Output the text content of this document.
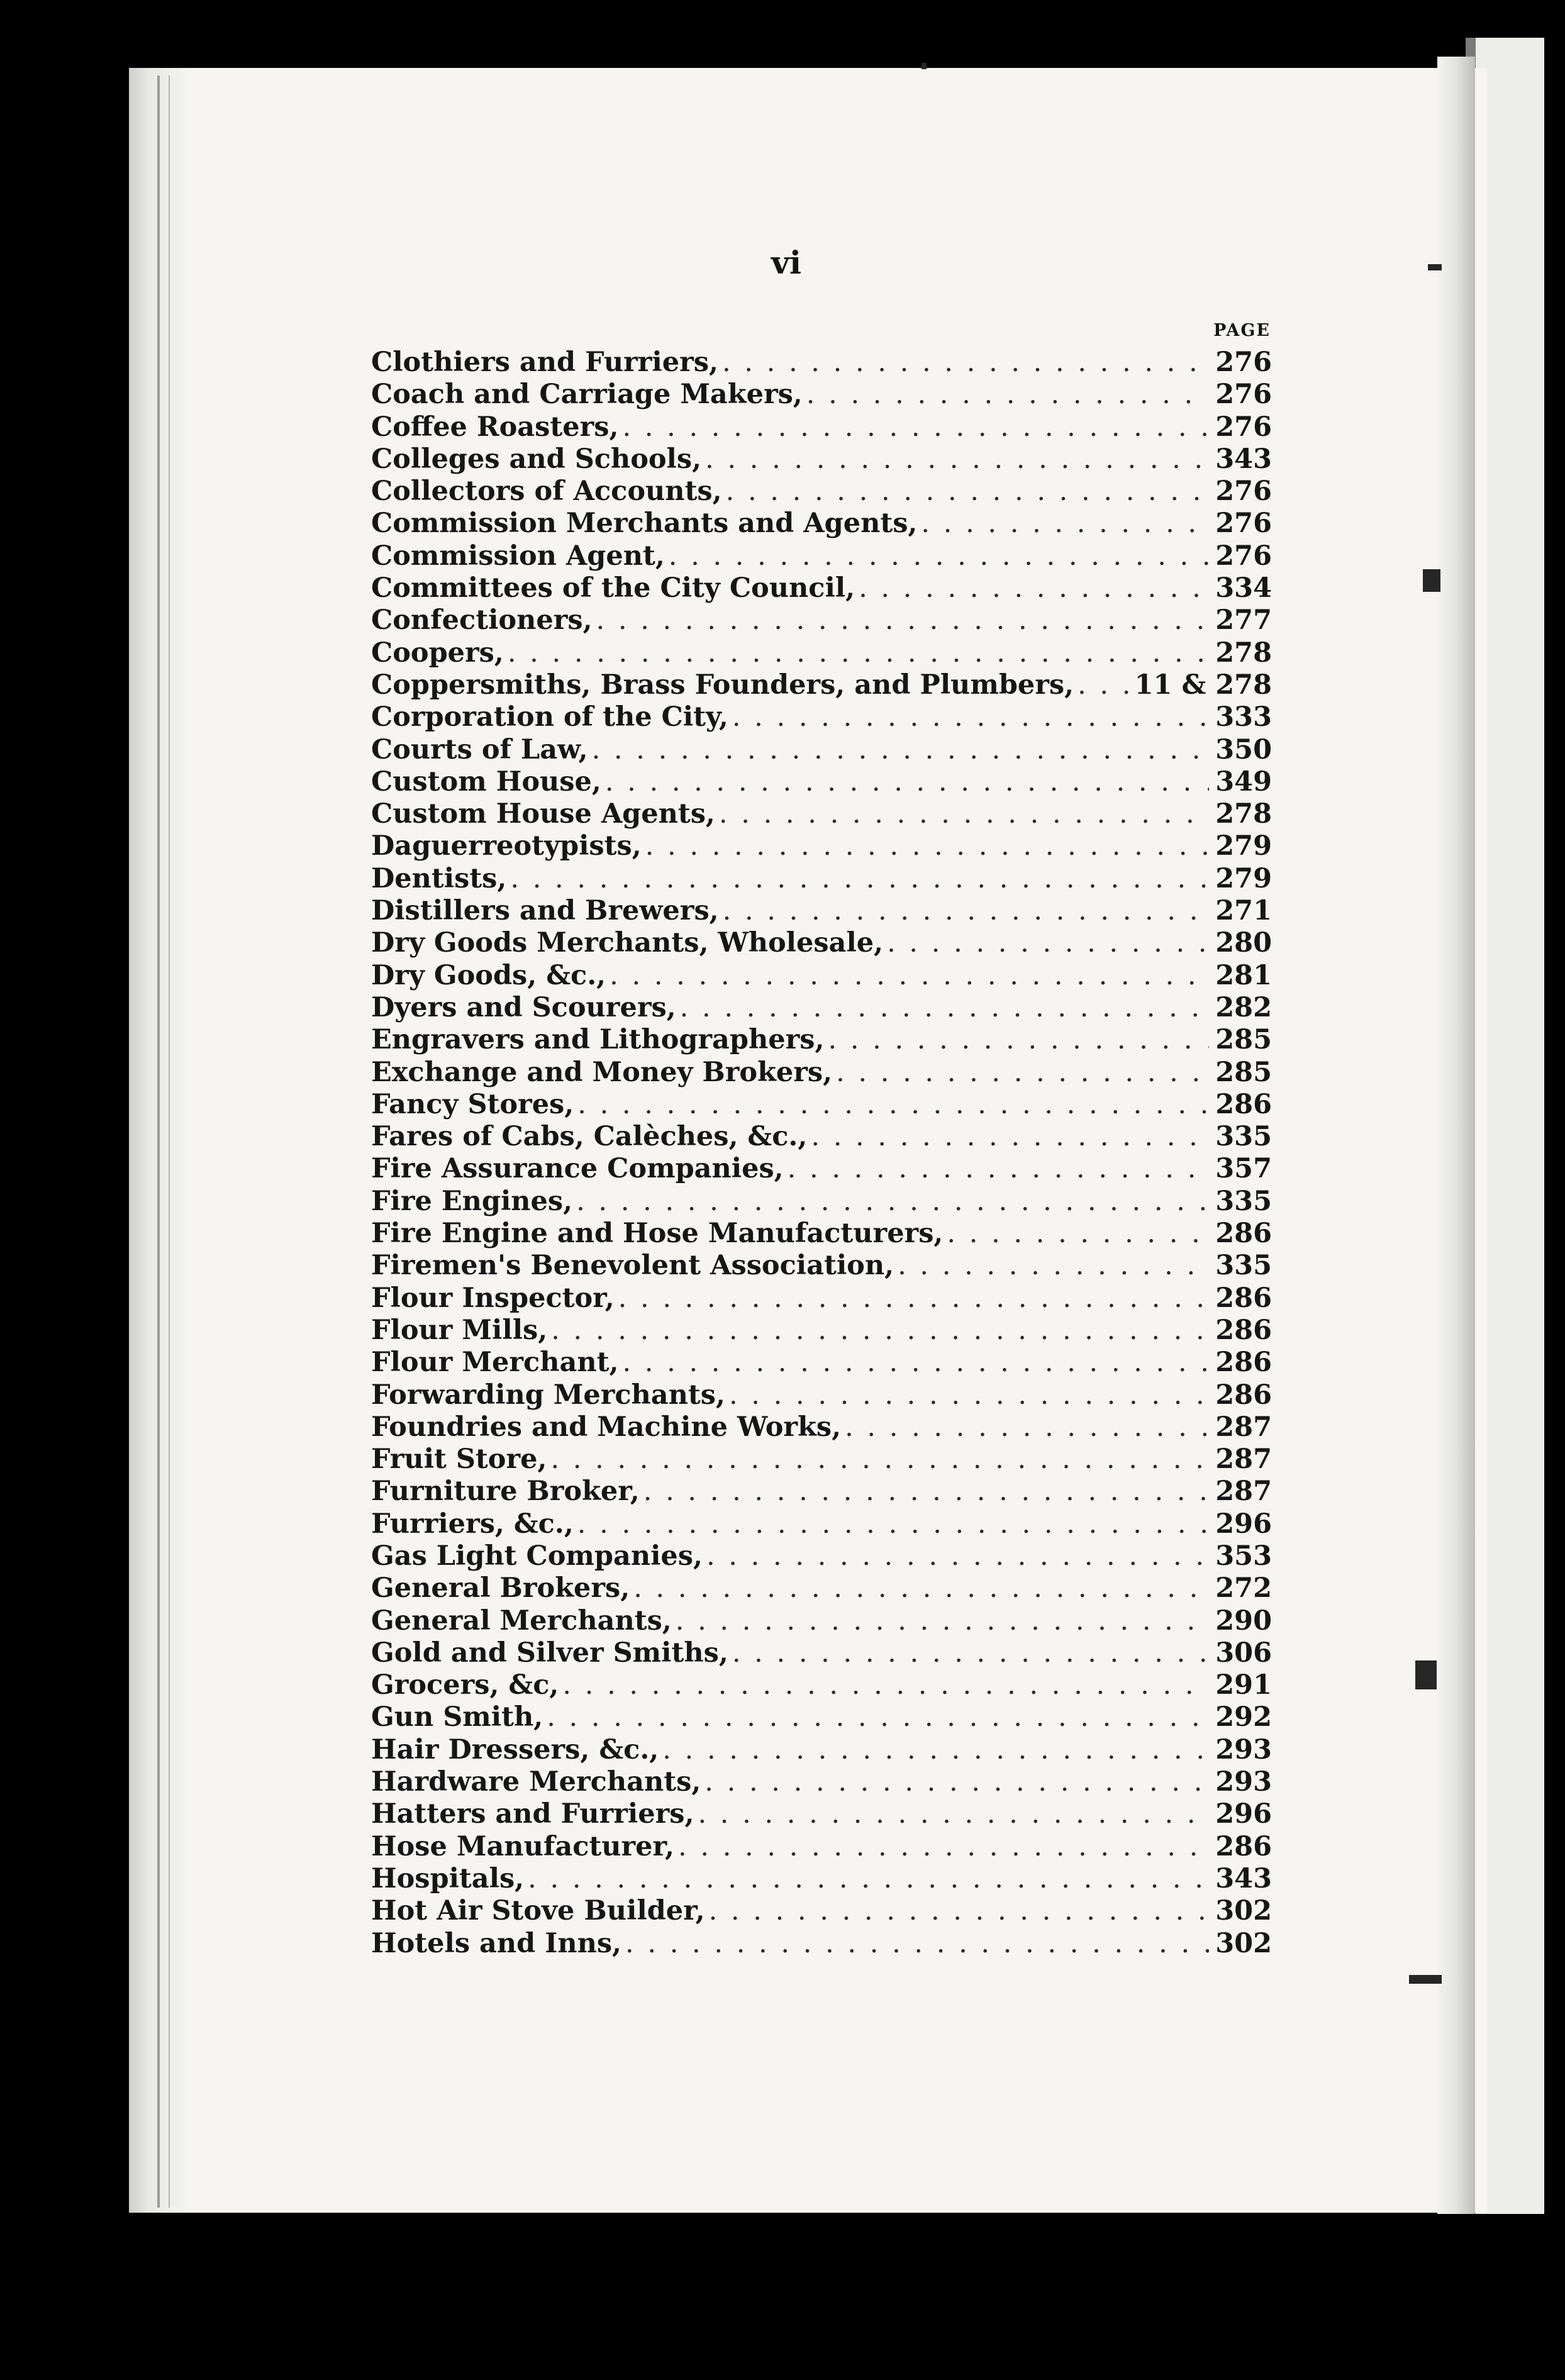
vi
PAGE
Clothiers and Furriers, . . .	276
Coach and Carriage Makers, . . .	276
Coffee Roasters, . . .	276
Colleges and Schools, . . .	343
Collectors of Accounts, . . .	276
Commission Merchants and Agents, . . .	276
Commission Agent, . . .	276
Committees of the City Council, . . .	334
Confectioners, . . .	277
Coopers, . . .	278
Coppersmiths, Brass Founders, and Plumbers, . . . 11 & 278
Corporation of the City, . . .	333
Courts of Law, . . .	350
Custom House, . . .	349
Custom House Agents, . . .	278
Daguerreotypists, . . .	279
Dentists, . . .	279
Distillers and Brewers, . . .	271
Dry Goods Merchants, Wholesale, . . .	280
Dry Goods, &c., . . .	281
Dyers and Scourers, . . .	282
Engravers and Lithographers, . . .	285
Exchange and Money Brokers, . . .	285
Fancy Stores, . . .	286
Fares of Cabs, Calèches, &c., . . .	335
Fire Assurance Companies, . . .	357
Fire Engines, . . .	335
Fire Engine and Hose Manufacturers, . . .	286
Firemen's Benevolent Association, . . .	335
Flour Inspector, . . .	286
Flour Mills, . . .	286
Flour Merchant, . . .	286
Forwarding Merchants, . . .	286
Foundries and Machine Works, . . .	287
Fruit Store, . . .	287
Furniture Broker, . . .	287
Furriers, &c., . . .	296
Gas Light Companies, . . .	353
General Brokers, . . .	272
General Merchants, . . .	290
Gold and Silver Smiths, . . .	306
Grocers, &c, . . .	291
Gun Smith, . . .	292
Hair Dressers, &c., . . .	293
Hardware Merchants, . . .	293
Hatters and Furriers, . . .	296
Hose Manufacturer, . . .	286
Hospitals, . . .	343
Hot Air Stove Builder, . . .	302
Hotels and Inns, . . .	302
